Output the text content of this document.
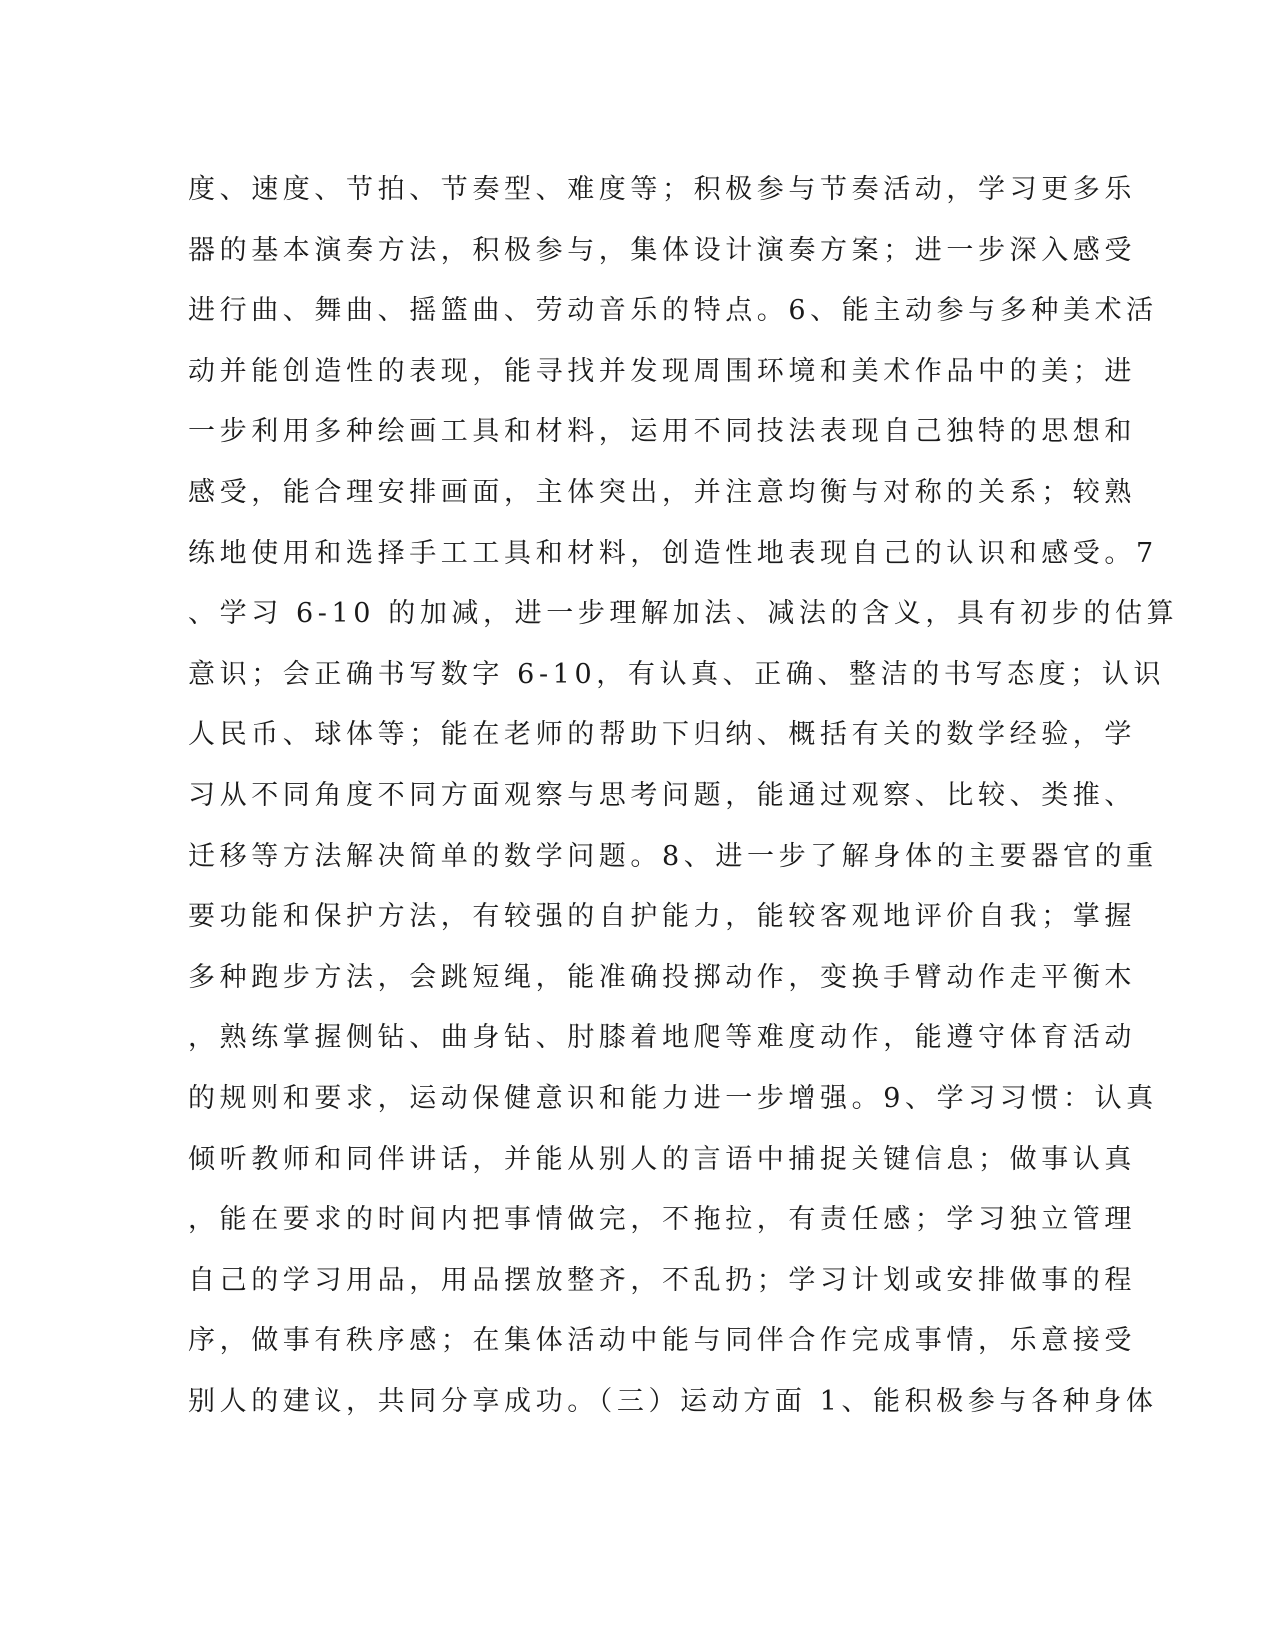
度、速度、节拍、节奏型、难度等；积极参与节奏活动，学习更多乐
器的基本演奏方法，积极参与，集体设计演奏方案；进一步深入感受
进行曲、舞曲、摇篮曲、劳动音乐的特点。6、能主动参与多种美术活
动并能创造性的表现，能寻找并发现周围环境和美术作品中的美；进
一步利用多种绘画工具和材料，运用不同技法表现自己独特的思想和
感受，能合理安排画面，主体突出，并注意均衡与对称的关系；较熟
练地使用和选择手工工具和材料，创造性地表现自己的认识和感受。7
、学习 6-10 的加减，进一步理解加法、减法的含义，具有初步的估算
意识；会正确书写数字 6-10，有认真、正确、整洁的书写态度；认识
人民币、球体等；能在老师的帮助下归纳、概括有关的数学经验，学
习从不同角度不同方面观察与思考问题，能通过观察、比较、类推、
迁移等方法解决简单的数学问题。8、进一步了解身体的主要器官的重
要功能和保护方法，有较强的自护能力，能较客观地评价自我；掌握
多种跑步方法，会跳短绳，能准确投掷动作，变换手臂动作走平衡木
，熟练掌握侧钻、曲身钻、肘膝着地爬等难度动作，能遵守体育活动
的规则和要求，运动保健意识和能力进一步增强。9、学习习惯：认真
倾听教师和同伴讲话，并能从别人的言语中捕捉关键信息；做事认真
，能在要求的时间内把事情做完，不拖拉，有责任感；学习独立管理
自己的学习用品，用品摆放整齐，不乱扔；学习计划或安排做事的程
序，做事有秩序感；在集体活动中能与同伴合作完成事情，乐意接受
别人的建议，共同分享成功。（三）运动方面 1、能积极参与各种身体
